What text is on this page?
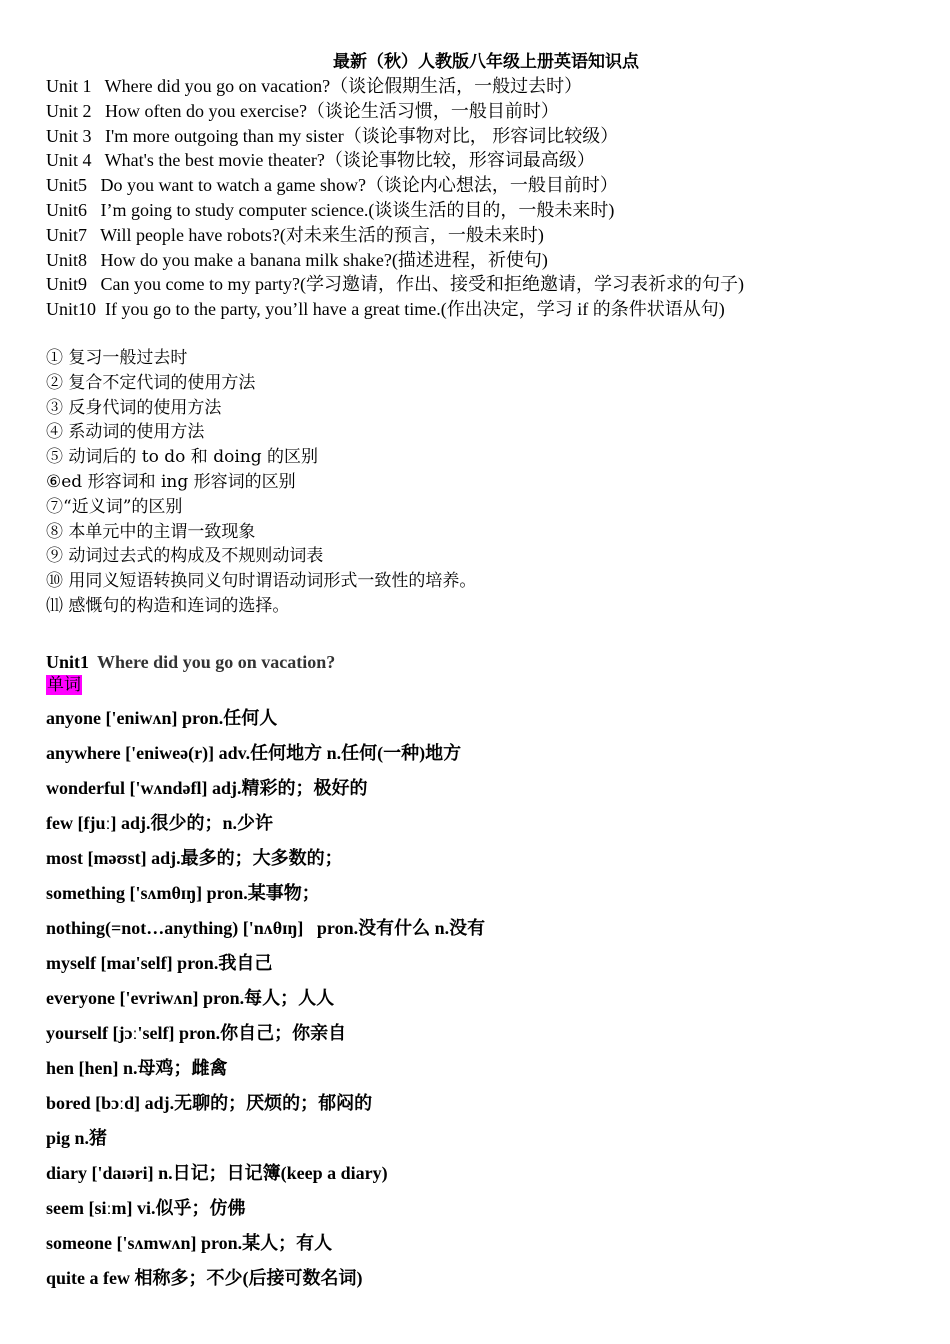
最新（秋）人教版八年级上册英语知识点
Unit 1   Where did you go on vacation?（谈论假期生活，一般过去时）
Unit 2   How often do you exercise?（谈论生活习惯，一般目前时）
Unit 3   I'm more outgoing than my sister（谈论事物对比， 形容词比较级）
Unit 4   What's the best movie theater?（谈论事物比较，形容词最高级）
Unit5   Do you want to watch a game show?（谈论内心想法，一般目前时）
Unit6   I’m going to study computer science.(谈谈生活的目的，一般未来时)
Unit7   Will people have robots?(对未来生活的预言，一般未来时)
Unit8   How do you make a banana milk shake?(描述进程，祈使句)
Unit9   Can you come to my party?(学习邀请，作出、接受和拒绝邀请，学习表祈求的句子)
Unit10  If you go to the party, you’ll have a great time.(作出决定，学习 if 的条件状语从句)
① 复习一般过去时
② 复合不定代词的使用方法
③ 反身代词的使用方法
④ 系动词的使用方法
⑤ 动词后的 to do 和 doing 的区别
⑥ed 形容词和 ing 形容词的区别
⑦“近义词”的区别
⑧ 本单元中的主谓一致现象
⑨ 动词过去式的构成及不规则动词表
⑩ 用同义短语转换同义句时谓语动词形式一致性的培养。
⑾ 感慨句的构造和连词的选择。
Unit1 Where did you go on vacation?
单词
anyone ['eniwʌn] pron.任何人
anywhere ['eniweə(r)] adv.任何地方 n.任何(一种)地方
wonderful ['wʌndəfl] adj.精彩的；极好的
few [fjuː] adj.很少的；n.少许
most [məʊst] adj.最多的；大多数的；
something ['sʌmθɪŋ] pron.某事物；
nothing(=not…anything) ['nʌθɪŋ]   pron.没有什么 n.没有
myself [maɪ'self] pron.我自己
everyone ['evriwʌn] pron.每人；人人
yourself [jɔː'self] pron.你自己；你亲自
hen [hen] n.母鸡；雌禽
bored [bɔːd] adj.无聊的；厌烦的；郁闷的
pig n.猪
diary ['daɪəri] n.日记；日记簿(keep a diary)
seem [siːm] vi.似乎；仿佛
someone ['sʌmwʌn] pron.某人；有人
quite a few 相称多；不少(后接可数名词)
